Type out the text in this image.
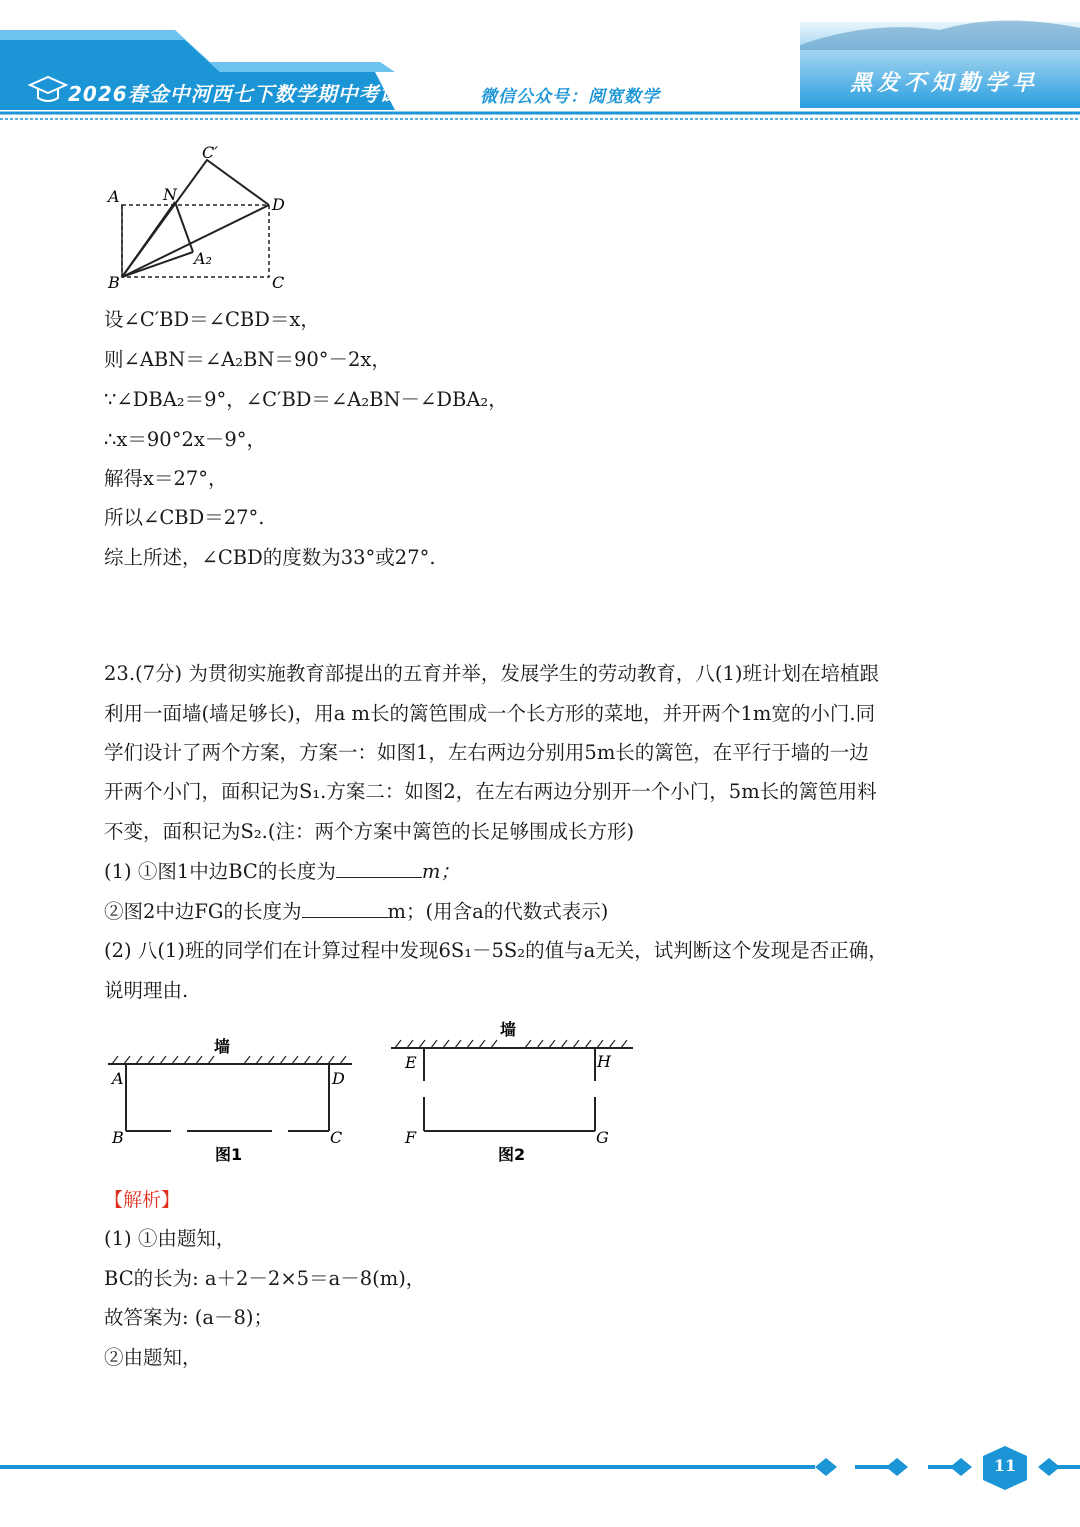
2026春金中河西七下数学期中考试	微信公众号：阅宽数学
黑发不知勤学早
C′
N
A	D
A₂
B	C
设∠C′BD＝∠CBD＝x，
则∠ABN＝∠A₂BN＝90°－2x，
∵∠DBA₂＝9°，∠C′BD＝∠A₂BN－∠DBA₂，
∴x＝90°2x－9°，
解得x＝27°，
所以∠CBD＝27°.
综上所述，∠CBD的度数为33°或27°.
23.(7分) 为贯彻实施教育部提出的五育并举，发展学生的劳动教育，八(1)班计划在培植跟
利用一面墙(墙足够长)，用a m长的篱笆围成一个长方形的菜地，并开两个1m宽的小门.同
学们设计了两个方案，方案一：如图1，左右两边分别用5m长的篱笆，在平行于墙的一边
开两个小门，面积记为S₁.方案二：如图2，在左右两边分别开一个小门，5m长的篱笆用料
不变，面积记为S₂.(注：两个方案中篱笆的长足够围成长方形)
(1) ①图1中边BC的长度为	m；
②图2中边FG的长度为	m；(用含a的代数式表示)
(2) 八(1)班的同学们在计算过程中发现6S₁－5S₂的值与a无关，试判断这个发现是否正确，
说明理由.
墙
A	D
B	C
图1
墙
E	H
F	G
图2
【解析】
(1) ①由题知，
BC的长为: a＋2－2×5＝a－8(m)，
故答案为: (a－8)；
②由题知，
11
